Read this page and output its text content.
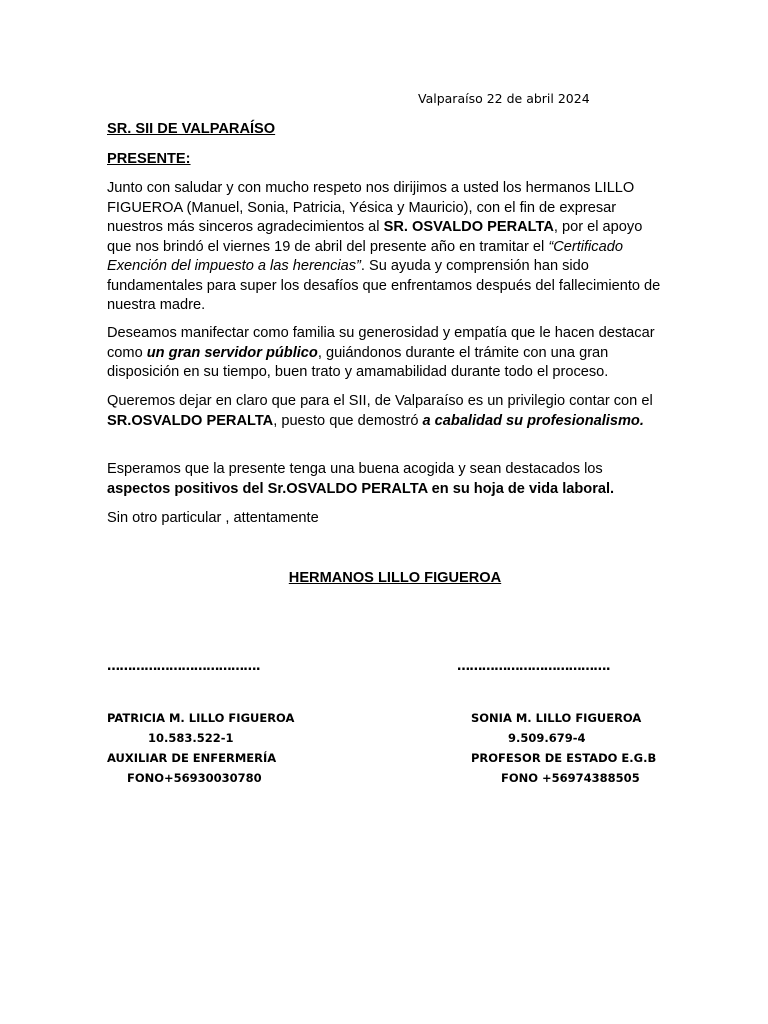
Valparaíso 22 de abril 2024
SR. SII DE VALPARAÍSO
PRESENTE:

Junto con saludar y con mucho respeto nos dirijimos a usted los hermanos LILLO FIGUEROA (Manuel, Sonia, Patricia, Yésica y Mauricio), con el fin de expresar nuestros más sinceros agradecimientos al SR. OSVALDO PERALTA, por el apoyo que nos brindó el viernes 19 de abril del presente año en tramitar el “Certificado Exención del impuesto a las herencias”. Su ayuda y comprensión han sido fundamentales para super los desafíos que enfrentamos después del fallecimiento de nuestra madre.

Deseamos manifectar como familia su generosidad y empatía que le hacen destacar como un gran servidor público, guiándonos durante el trámite con una gran disposición en su tiempo, buen trato y amamabilidad durante todo el proceso.

Queremos dejar en claro que para el SII, de Valparaíso es un privilegio contar con el SR.OSVALDO PERALTA, puesto que demostró a cabalidad su profesionalismo.

Esperamos que la presente tenga una buena acogida y sean destacados los aspectos positivos del Sr.OSVALDO PERALTA en su hoja de vida laboral.

Sin otro particular , attentamente

HERMANOS LILLO FIGUEROA
……………………………….	……………………………….
PATRICIA M. LILLO FIGUEROA
10.583.522-1
AUXILIAR DE ENFERMERÍA
FONO+56930030780
SONIA M. LILLO FIGUEROA
9.509.679-4
PROFESOR DE ESTADO E.G.B
FONO +56974388505
